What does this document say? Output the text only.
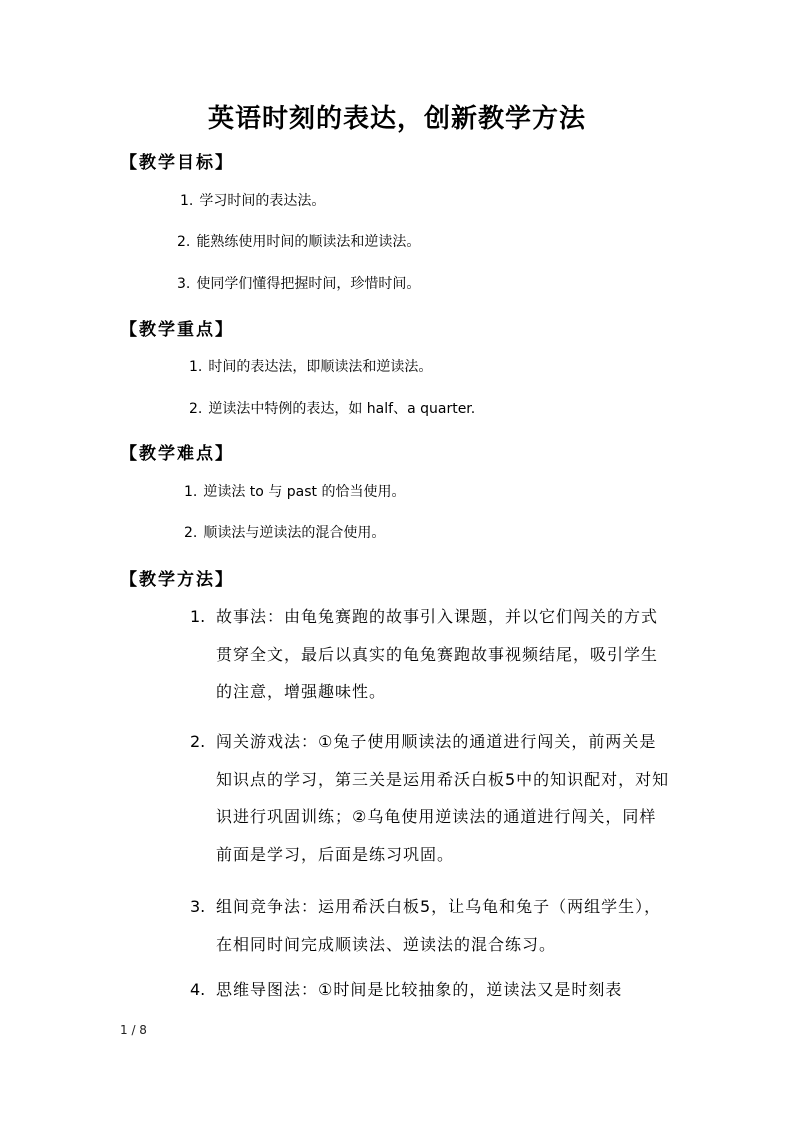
英语时刻的表达，创新教学方法
【教学目标】
1. 学习时间的表达法。
2. 能熟练使用时间的顺读法和逆读法。
3. 使同学们懂得把握时间，珍惜时间。
【教学重点】
1. 时间的表达法，即顺读法和逆读法。
2. 逆读法中特例的表达，如 half、a quarter.
【教学难点】
1. 逆读法 to 与 past 的恰当使用。
2. 顺读法与逆读法的混合使用。
【教学方法】
1. 故事法：由龟兔赛跑的故事引入课题，并以它们闯关的方式贯穿全文，最后以真实的龟兔赛跑故事视频结尾，吸引学生的注意，增强趣味性。
2. 闯关游戏法：①兔子使用顺读法的通道进行闯关，前两关是知识点的学习，第三关是运用希沃白板5中的知识配对，对知识进行巩固训练；②乌龟使用逆读法的通道进行闯关，同样前面是学习，后面是练习巩固。
3. 组间竞争法：运用希沃白板5，让乌龟和兔子（两组学生），在相同时间完成顺读法、逆读法的混合练习。
4. 思维导图法：①时间是比较抽象的，逆读法又是时刻表
1 / 8
